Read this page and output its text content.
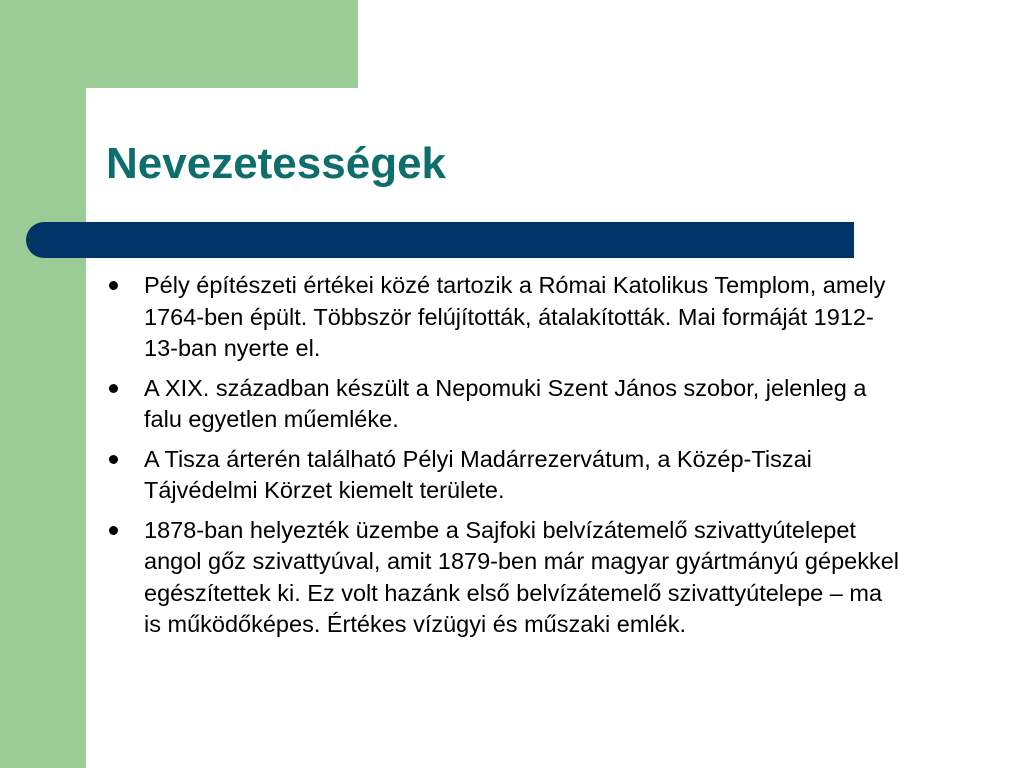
Nevezetességek
Pély építészeti értékei közé tartozik a Római Katolikus Templom, amely 1764-ben épült. Többször felújították, átalakították. Mai formáját 1912-13-ban nyerte el.
A XIX. században készült a Nepomuki Szent János szobor, jelenleg a falu egyetlen műemléke.
A Tisza árterén található Pélyi Madárrezervátum, a Közép-Tiszai Tájvédelmi Körzet kiemelt területe.
1878-ban helyezték üzembe a Sajfoki belvízátemelő szivattyútelepet angol gőz szivattyúval, amit 1879-ben már magyar gyártmányú gépekkel egészítettek ki. Ez volt hazánk első belvízátemelő szivattyútelepe – ma is működőképes. Értékes vízügyi és műszaki emlék.
